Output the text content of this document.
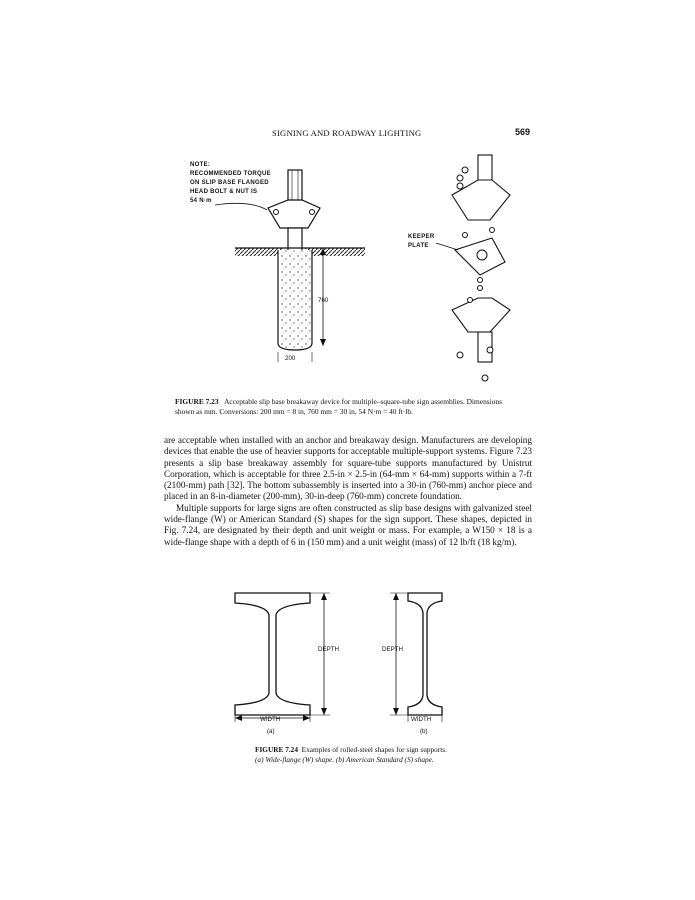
SIGNING AND ROADWAY LIGHTING	569
NOTE:
RECOMMENDED TORQUE
ON SLIP BASE FLANGED
HEAD BOLT & NUT IS
54 N·m
760
200
KEEPER
PLATE
FIGURE 7.23 Acceptable slip base breakaway device for multiple–square-tube sign assemblies. Dimensions shown as mm. Conversions: 200 mm = 8 in, 760 mm = 30 in, 54 N·m = 40 ft·lb.

are acceptable when installed with an anchor and breakaway design. Manufacturers are developing devices that enable the use of heavier supports for acceptable multiple-support systems. Figure 7.23 presents a slip base breakaway assembly for square-tube supports manufactured by Unistrut Corporation, which is acceptable for three 2.5-in × 2.5-in (64-mm × 64-mm) supports within a 7-ft (2100-mm) path [32]. The bottom subassembly is inserted into a 30-in (760-mm) anchor piece and placed in an 8-in-diameter (200-mm), 30-in-deep (760-mm) concrete foundation.

Multiple supports for large signs are often constructed as slip base designs with galvanized steel wide-flange (W) or American Standard (S) shapes for the sign support. These shapes, depicted in Fig. 7.24, are designated by their depth and unit weight or mass. For example, a W150 × 18 is a wide-flange shape with a depth of 6 in (150 mm) and a unit weight (mass) of 12 lb/ft (18 kg/m).

DEPTH
WIDTH
(a)
DEPTH
WIDTH
(b)
FIGURE 7.24 Examples of rolled-steel shapes for sign supports.
(a) Wide-flange (W) shape. (b) American Standard (S) shape.
